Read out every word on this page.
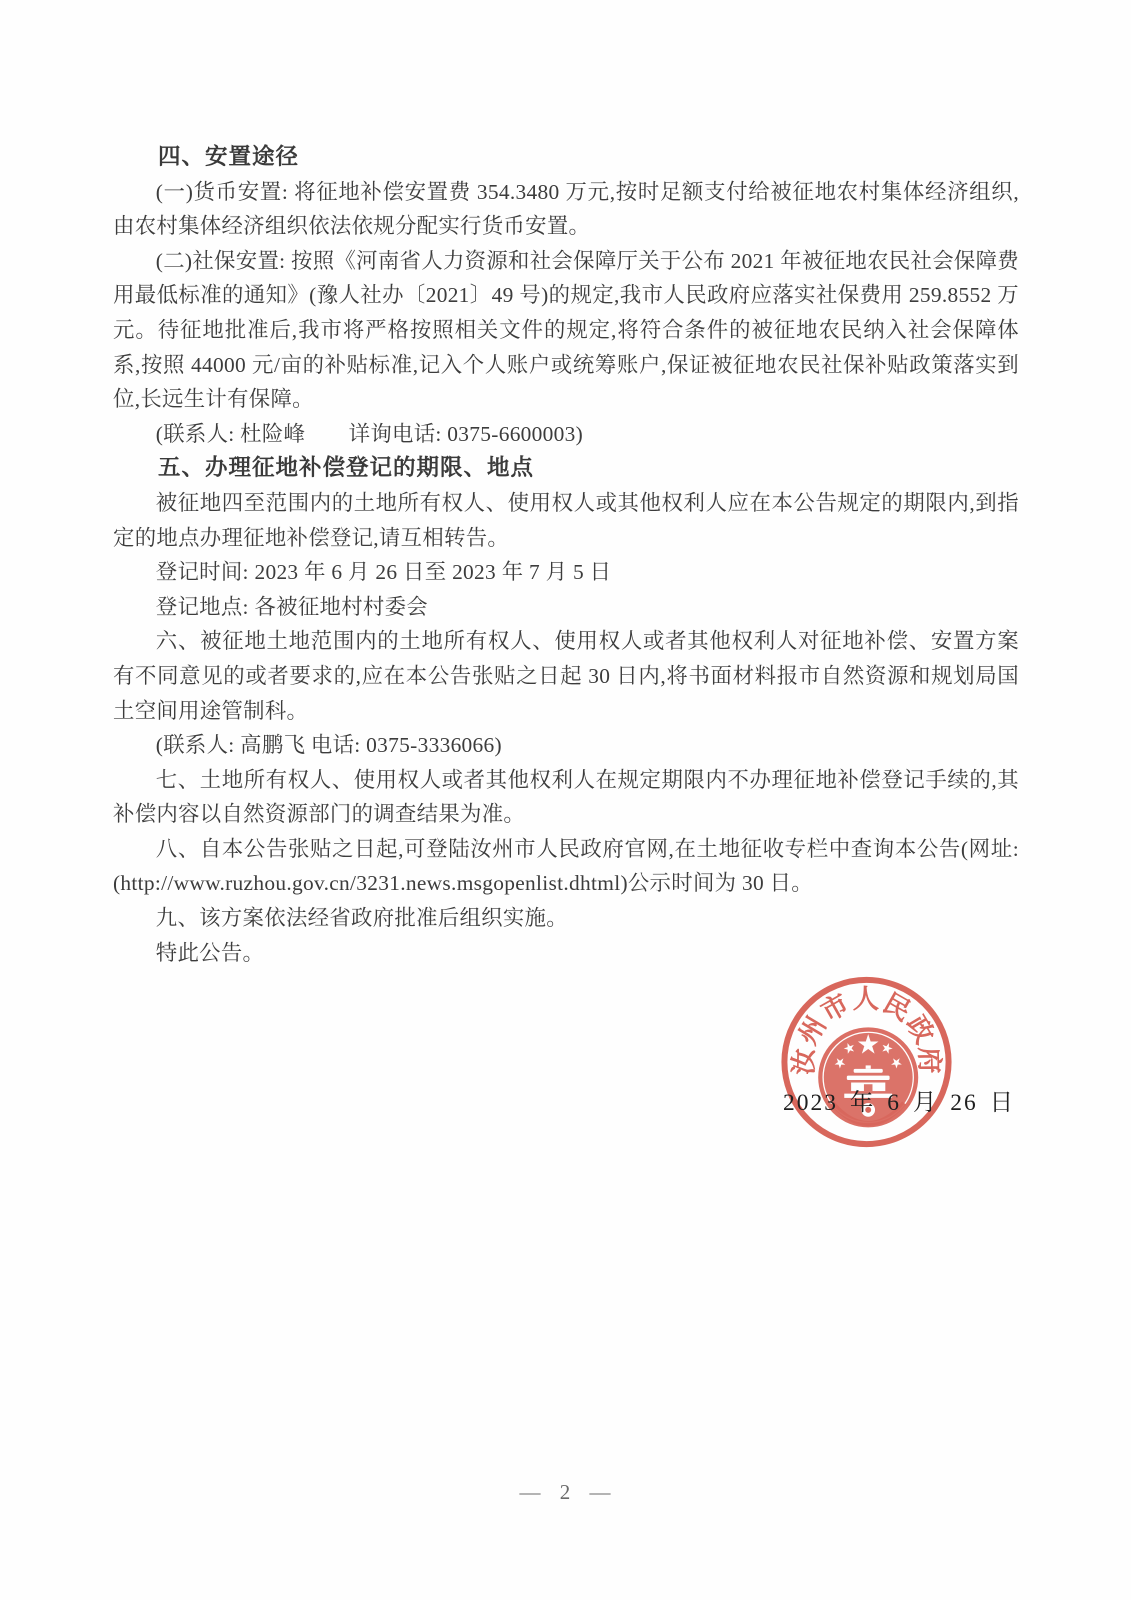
四、安置途径

(一)货币安置: 将征地补偿安置费 354.3480 万元,按时足额支付给被征地农村集体经济组织,由农村集体经济组织依法依规分配实行货币安置。

(二)社保安置: 按照《河南省人力资源和社会保障厅关于公布 2021 年被征地农民社会保障费用最低标准的通知》(豫人社办〔2021〕49 号)的规定,我市人民政府应落实社保费用 259.8552 万元。待征地批准后,我市将严格按照相关文件的规定,将符合条件的被征地农民纳入社会保障体系,按照 44000 元/亩的补贴标准,记入个人账户或统筹账户,保证被征地农民社保补贴政策落实到位,长远生计有保障。

(联系人: 杜险峰　　详询电话: 0375-6600003)

五、办理征地补偿登记的期限、地点

被征地四至范围内的土地所有权人、使用权人或其他权利人应在本公告规定的期限内,到指定的地点办理征地补偿登记,请互相转告。

登记时间: 2023 年 6 月 26 日至 2023 年 7 月 5 日

登记地点: 各被征地村村委会

六、被征地土地范围内的土地所有权人、使用权人或者其他权利人对征地补偿、安置方案有不同意见的或者要求的,应在本公告张贴之日起 30 日内,将书面材料报市自然资源和规划局国土空间用途管制科。

(联系人: 高鹏飞 电话: 0375-3336066)

七、土地所有权人、使用权人或者其他权利人在规定期限内不办理征地补偿登记手续的,其补偿内容以自然资源部门的调查结果为准。

八、自本公告张贴之日起,可登陆汝州市人民政府官网,在土地征收专栏中查询本公告(网址:(http://www.ruzhou.gov.cn/3231.news.msgopenlist.dhtml)公示时间为 30 日。

九、该方案依法经省政府批准后组织实施。

特此公告。

汝州市人民政府
2023 年 6 月 26 日
— 2 —
